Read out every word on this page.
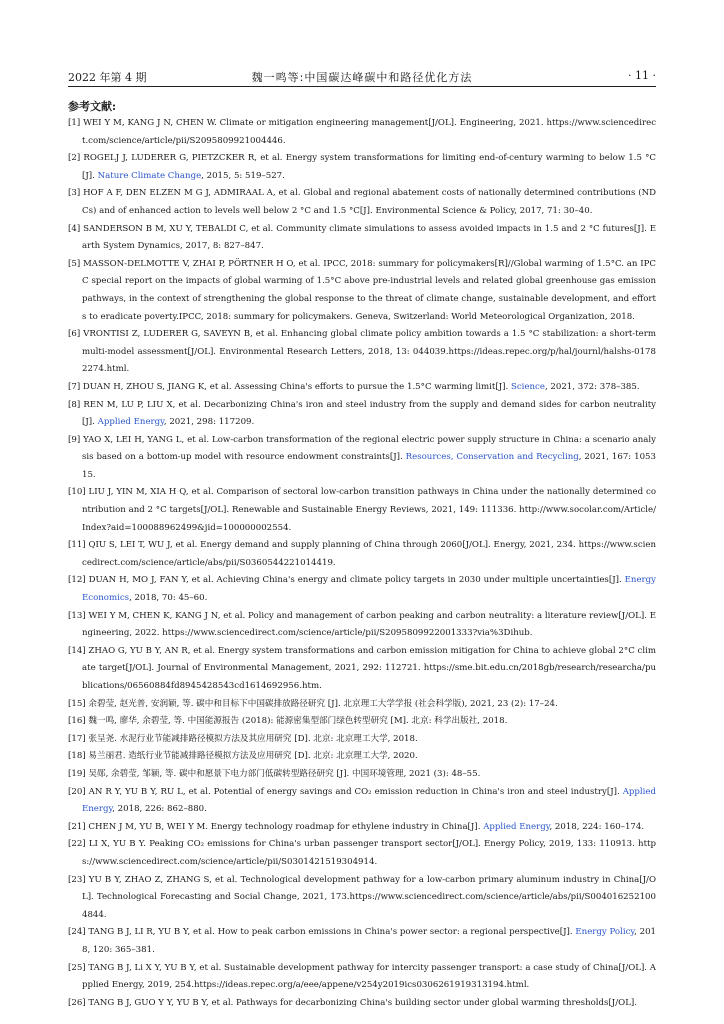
2022 年第 4 期	魏一鸣等:中国碳达峰碳中和路径优化方法	· 11 ·
参考文献:
[1] WEI Y M, KANG J N, CHEN W. Climate or mitigation engineering management[J/OL]. Engineering, 2021. https://www.sciencedirect.com/science/article/pii/S2095809921004446.
[2] ROGELJ J, LUDERER G, PIETZCKER R, et al. Energy system transformations for limiting end-of-century warming to below 1.5 °C[J]. Nature Climate Change, 2015, 5: 519–527.
[3] HOF A F, DEN ELZEN M G J, ADMIRAAL A, et al. Global and regional abatement costs of nationally determined contributions (NDCs) and of enhanced action to levels well below 2 °C and 1.5 °C[J]. Environmental Science & Policy, 2017, 71: 30–40.
[4] SANDERSON B M, XU Y, TEBALDI C, et al. Community climate simulations to assess avoided impacts in 1.5 and 2 °C futures[J]. Earth System Dynamics, 2017, 8: 827–847.
[5] MASSON-DELMOTTE V, ZHAI P, PÖRTNER H O, et al. IPCC, 2018: summary for policymakers[R]//Global warming of 1.5°C. an IPCC special report on the impacts of global warming of 1.5°C above pre-industrial levels and related global greenhouse gas emission pathways, in the context of strengthening the global response to the threat of climate change, sustainable development, and efforts to eradicate poverty.IPCC, 2018: summary for policymakers. Geneva, Switzerland: World Meteorological Organization, 2018.
[6] VRONTISI Z, LUDERER G, SAVEYN B, et al. Enhancing global climate policy ambition towards a 1.5 °C stabilization: a short-term multi-model assessment[J/OL]. Environmental Research Letters, 2018, 13: 044039.https://ideas.repec.org/p/hal/journl/halshs-01782274.html.
[7] DUAN H, ZHOU S, JIANG K, et al. Assessing China's efforts to pursue the 1.5°C warming limit[J]. Science, 2021, 372: 378–385.
[8] REN M, LU P, LIU X, et al. Decarbonizing China's iron and steel industry from the supply and demand sides for carbon neutrality[J]. Applied Energy, 2021, 298: 117209.
[9] YAO X, LEI H, YANG L, et al. Low-carbon transformation of the regional electric power supply structure in China: a scenario analysis based on a bottom-up model with resource endowment constraints[J]. Resources, Conservation and Recycling, 2021, 167: 105315.
[10] LIU J, YIN M, XIA H Q, et al. Comparison of sectoral low-carbon transition pathways in China under the nationally determined contribution and 2 °C targets[J/OL]. Renewable and Sustainable Energy Reviews, 2021, 149: 111336. http://www.socolar.com/Article/Index?aid=100088962499&jid=100000002554.
[11] QIU S, LEI T, WU J, et al. Energy demand and supply planning of China through 2060[J/OL]. Energy, 2021, 234. https://www.sciencedirect.com/science/article/abs/pii/S0360544221014419.
[12] DUAN H, MO J, FAN Y, et al. Achieving China's energy and climate policy targets in 2030 under multiple uncertainties[J]. Energy Economics, 2018, 70: 45–60.
[13] WEI Y M, CHEN K, KANG J N, et al. Policy and management of carbon peaking and carbon neutrality: a literature review[J/OL]. Engineering, 2022. https://www.sciencedirect.com/science/article/pii/S2095809922001333?via%3Dihub.
[14] ZHAO G, YU B Y, AN R, et al. Energy system transformations and carbon emission mitigation for China to achieve global 2°C climate target[J/OL]. Journal of Environmental Management, 2021, 292: 112721. https://sme.bit.edu.cn/2018gb/research/researcha/publications/06560884fd8945428543cd1614692956.htm.
[15] 余碧莹, 赵光普, 安润颖, 等. 碳中和目标下中国碳排放路径研究 [J]. 北京理工大学学报 (社会科学版), 2021, 23 (2): 17–24.
[16] 魏一鸣, 廖华, 余碧莹, 等. 中国能源报告 (2018): 能源密集型部门绿色转型研究 [M]. 北京: 科学出版社, 2018.
[17] 张呈尧. 水泥行业节能减排路径模拟方法及其应用研究 [D]. 北京: 北京理工大学, 2018.
[18] 易兰丽君. 造纸行业节能减排路径模拟方法及应用研究 [D]. 北京: 北京理工大学, 2020.
[19] 吴郧, 余碧莹, 邹颖, 等. 碳中和愿景下电力部门低碳转型路径研究 [J]. 中国环境管理, 2021 (3): 48–55.
[20] AN R Y, YU B Y, RU L, et al. Potential of energy savings and CO₂ emission reduction in China's iron and steel industry[J]. Applied Energy, 2018, 226: 862–880.
[21] CHEN J M, YU B, WEI Y M. Energy technology roadmap for ethylene industry in China[J]. Applied Energy, 2018, 224: 160–174.
[22] LI X, YU B Y. Peaking CO₂ emissions for China's urban passenger transport sector[J/OL]. Energy Policy, 2019, 133: 110913. https://www.sciencedirect.com/science/article/pii/S0301421519304914.
[23] YU B Y, ZHAO Z, ZHANG S, et al. Technological development pathway for a low-carbon primary aluminum industry in China[J/OL]. Technological Forecasting and Social Change, 2021, 173.https://www.sciencedirect.com/science/article/abs/pii/S0040162521004844.
[24] TANG B J, LI R, YU B Y, et al. How to peak carbon emissions in China's power sector: a regional perspective[J]. Energy Policy, 2018, 120: 365–381.
[25] TANG B J, Li X Y, YU B Y, et al. Sustainable development pathway for intercity passenger transport: a case study of China[J/OL]. Applied Energy, 2019, 254.https://ideas.repec.org/a/eee/appene/v254y2019ics0306261919313194.html.
[26] TANG B J, GUO Y Y, YU B Y, et al. Pathways for decarbonizing China's building sector under global warming thresholds[J/OL].
